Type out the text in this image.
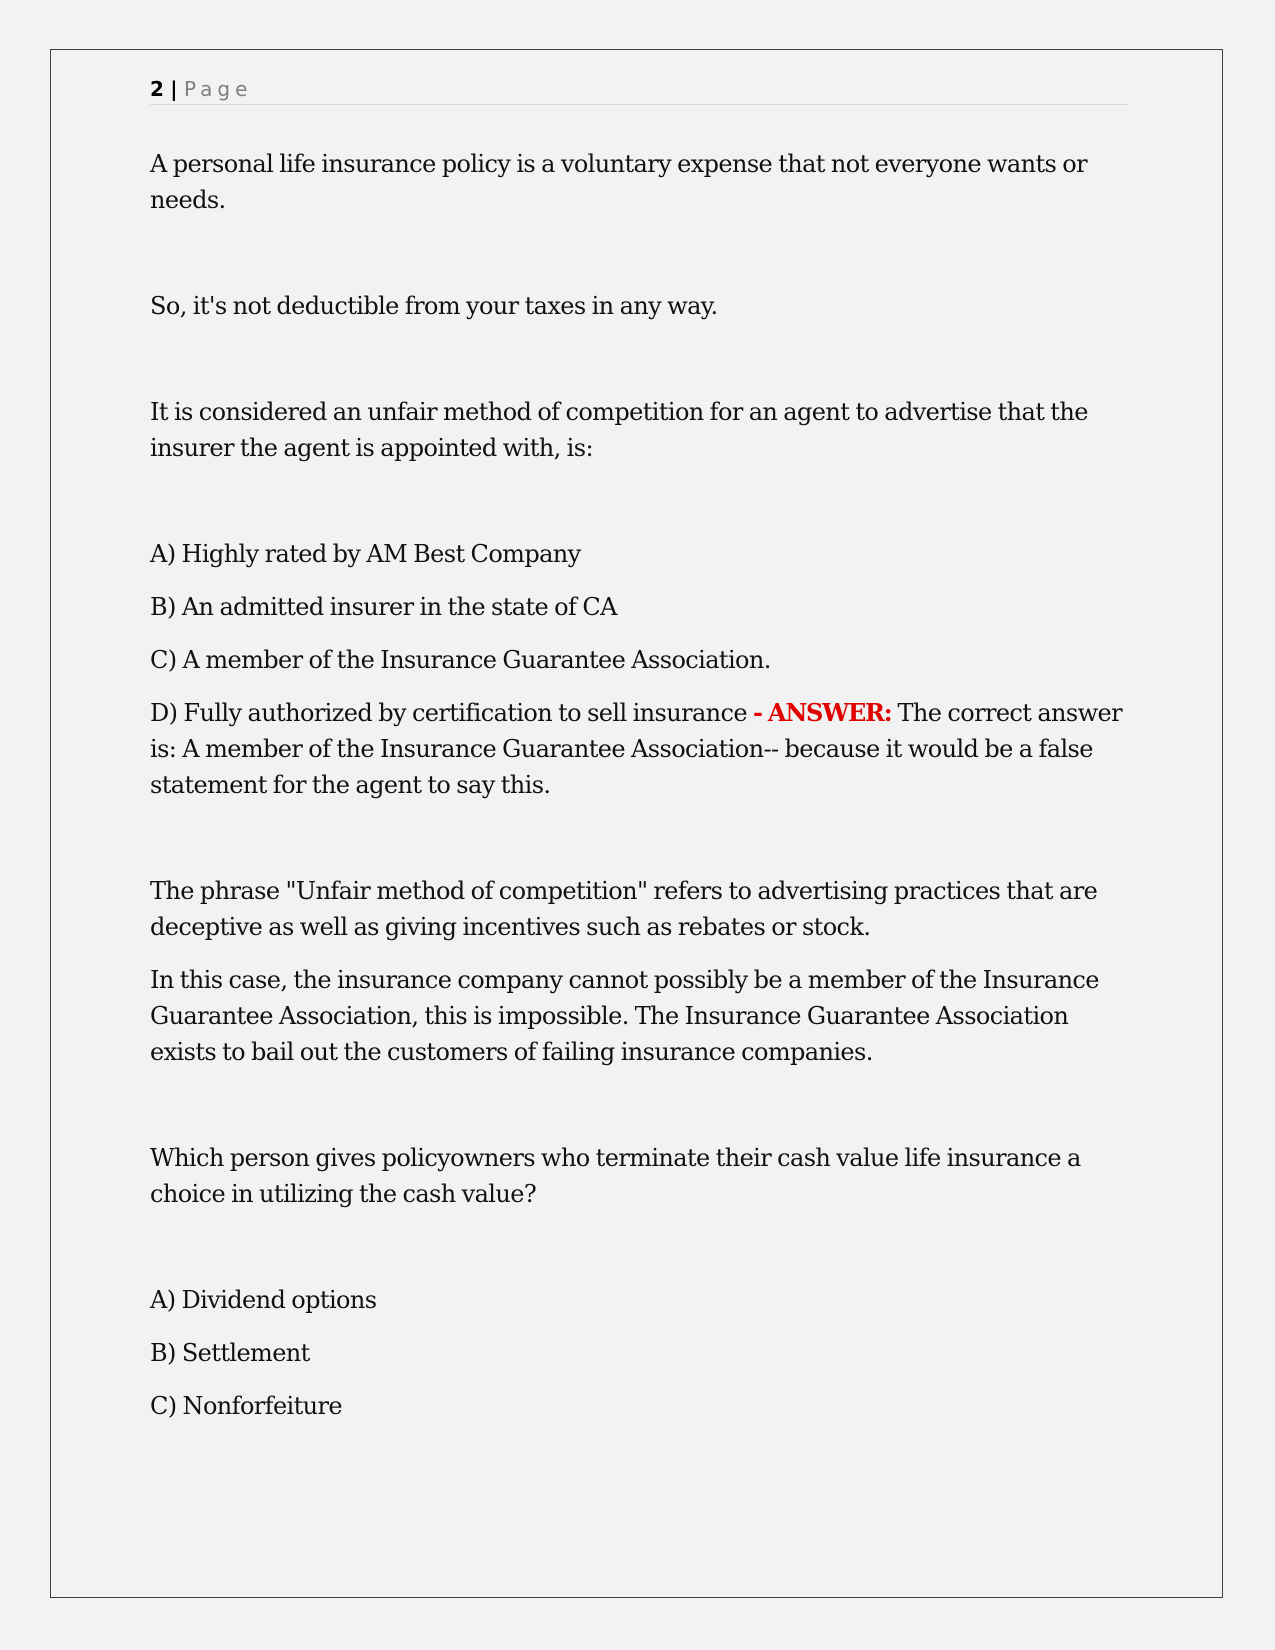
2 | Page

A personal life insurance policy is a voluntary expense that not everyone wants or needs.

So, it's not deductible from your taxes in any way.

It is considered an unfair method of competition for an agent to advertise that the insurer the agent is appointed with, is:

A) Highly rated by AM Best Company

B) An admitted insurer in the state of CA

C) A member of the Insurance Guarantee Association.

D) Fully authorized by certification to sell insurance - ANSWER: The correct answer is: A member of the Insurance Guarantee Association-- because it would be a false statement for the agent to say this.

The phrase "Unfair method of competition" refers to advertising practices that are deceptive as well as giving incentives such as rebates or stock.

In this case, the insurance company cannot possibly be a member of the Insurance Guarantee Association, this is impossible. The Insurance Guarantee Association exists to bail out the customers of failing insurance companies.

Which person gives policyowners who terminate their cash value life insurance a choice in utilizing the cash value?

A) Dividend options

B) Settlement

C) Nonforfeiture
